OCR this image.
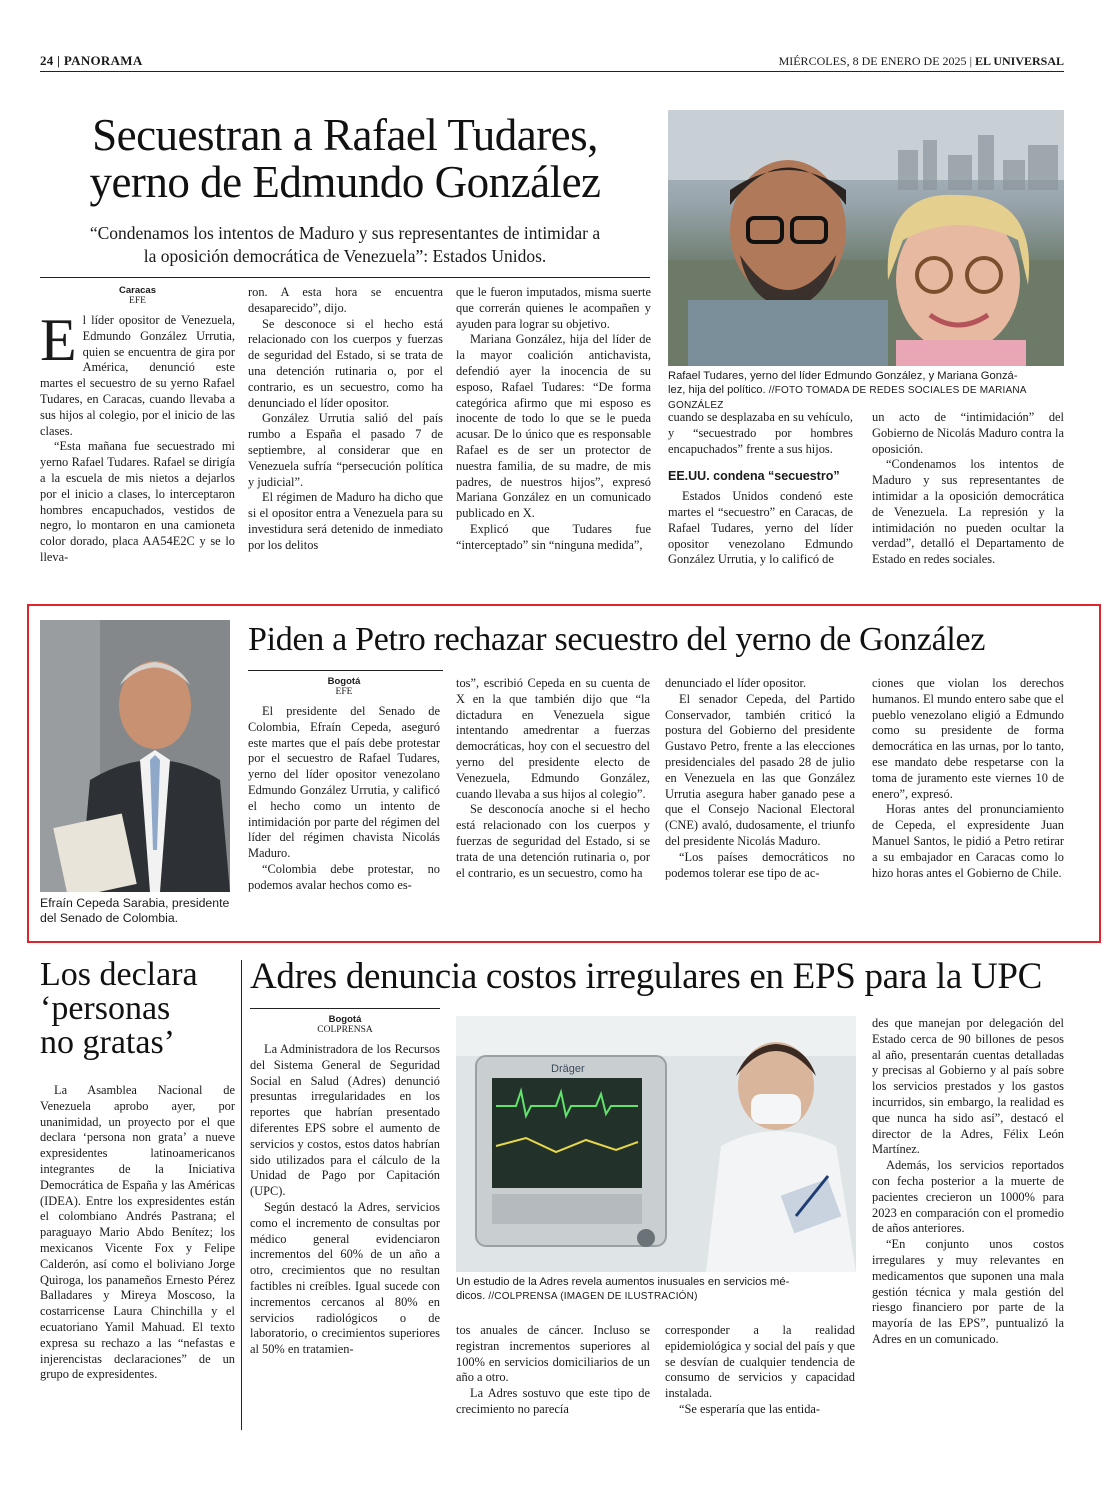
24 | PANORAMA	MIÉRCOLES, 8 DE ENERO DE 2025 | EL UNIVERSAL
Secuestran a Rafael Tudares,
yerno de Edmundo González
“Condenamos los intentos de Maduro y sus representantes de intimidar a
la oposición democrática de Venezuela”: Estados Unidos.
Caracas
EFE

El líder opositor de Venezuela, Edmundo González Urrutia, quien se encuentra de gira por América, denunció este martes el secuestro de su yerno Rafael Tudares, en Caracas, cuando llevaba a sus hijos al colegio, por el inicio de las clases.

“Esta mañana fue secuestrado mi yerno Rafael Tudares. Rafael se dirigía a la escuela de mis nietos a dejarlos por el inicio a clases, lo interceptaron hombres encapuchados, vestidos de negro, lo montaron en una camioneta color dorado, placa AA54E2C y se lo lleva-

ron. A esta hora se encuentra desaparecido”, dijo.

Se desconoce si el hecho está relacionado con los cuerpos y fuerzas de seguridad del Estado, si se trata de una detención rutinaria o, por el contrario, es un secuestro, como ha denunciado el líder opositor.

González Urrutia salió del país rumbo a España el pasado 7 de septiembre, al considerar que en Venezuela sufría “persecución política y judicial”.

El régimen de Maduro ha dicho que si el opositor entra a Venezuela para su investidura será detenido de inmediato por los delitos

que le fueron imputados, misma suerte que correrán quienes le acompañen y ayuden para lograr su objetivo.

Mariana González, hija del líder de la mayor coalición antichavista, defendió ayer la inocencia de su esposo, Rafael Tudares: “De forma categórica afirmo que mi esposo es inocente de todo lo que se le pueda acusar. De lo único que es responsable Rafael es de ser un protector de nuestra familia, de su madre, de mis padres, de nuestros hijos”, expresó Mariana González en un comunicado publicado en X.

Explicó que Tudares fue “interceptado” sin “ninguna medida”,

Rafael Tudares, yerno del líder Edmundo González, y Mariana Gonzá-
lez, hija del político. //FOTO TOMADA DE REDES SOCIALES DE MARIANA GONZÁLEZ

cuando se desplazaba en su vehículo, y “secuestrado por hombres encapuchados” frente a sus hijos.

EE.UU. condena “secuestro”

Estados Unidos condenó este martes el “secuestro” en Caracas, de Rafael Tudares, yerno del líder opositor venezolano Edmundo González Urrutia, y lo calificó de

un acto de “intimidación” del Gobierno de Nicolás Maduro contra la oposición.

“Condenamos los intentos de Maduro y sus representantes de intimidar a la oposición democrática de Venezuela. La represión y la intimidación no pueden ocultar la verdad”, detalló el Departamento de Estado en redes sociales.

Efraín Cepeda Sarabia, presidente del Senado de Colombia.
Piden a Petro rechazar secuestro del yerno de González
Bogotá
EFE

El presidente del Senado de Colombia, Efraín Cepeda, aseguró este martes que el país debe protestar por el secuestro de Rafael Tudares, yerno del líder opositor venezolano Edmundo González Urrutia, y calificó el hecho como un intento de intimidación por parte del régimen del líder del régimen chavista Nicolás Maduro.

“Colombia debe protestar, no podemos avalar hechos como es-

tos”, escribió Cepeda en su cuenta de X en la que también dijo que “la dictadura en Venezuela sigue intentando amedrentar a fuerzas democráticas, hoy con el secuestro del yerno del presidente electo de Venezuela, Edmundo González, cuando llevaba a sus hijos al colegio”.

Se desconocía anoche si el hecho está relacionado con los cuerpos y fuerzas de seguridad del Estado, si se trata de una detención rutinaria o, por el contrario, es un secuestro, como ha

denunciado el líder opositor.

El senador Cepeda, del Partido Conservador, también criticó la postura del Gobierno del presidente Gustavo Petro, frente a las elecciones presidenciales del pasado 28 de julio en Venezuela en las que González Urrutia asegura haber ganado pese a que el Consejo Nacional Electoral (CNE) avaló, dudosamente, el triunfo del presidente Nicolás Maduro.

“Los países democráticos no podemos tolerar ese tipo de ac-

ciones que violan los derechos humanos. El mundo entero sabe que el pueblo venezolano eligió a Edmundo como su presidente de forma democrática en las urnas, por lo tanto, ese mandato debe respetarse con la toma de juramento este viernes 10 de enero”, expresó.

Horas antes del pronunciamiento de Cepeda, el expresidente Juan Manuel Santos, le pidió a Petro retirar a su embajador en Caracas como lo hizo horas antes el Gobierno de Chile.

Los declara
‘personas
no gratas’

La Asamblea Nacional de Venezuela aprobo ayer, por unanimidad, un proyecto por el que declara ‘persona non grata’ a nueve expresidentes latinoamericanos integrantes de la Iniciativa Democrática de España y las Américas (IDEA). Entre los expresidentes están el colombiano Andrés Pastrana; el paraguayo Mario Abdo Benítez; los mexicanos Vicente Fox y Felipe Calderón, así como el boliviano Jorge Quiroga, los panameños Ernesto Pérez Balladares y Mireya Moscoso, la costarricense Laura Chinchilla y el ecuatoriano Yamil Mahuad. El texto expresa su rechazo a las “nefastas e injerencistas declaraciones” de un grupo de expresidentes.

Adres denuncia costos irregulares en EPS para la UPC
Bogotá
COLPRENSA

La Administradora de los Recursos del Sistema General de Seguridad Social en Salud (Adres) denunció presuntas irregularidades en los reportes que habrían presentado diferentes EPS sobre el aumento de servicios y costos, estos datos habrían sido utilizados para el cálculo de la Unidad de Pago por Capitación (UPC).

Según destacó la Adres, servicios como el incremento de consultas por médico general evidenciaron incrementos del 60% de un año a otro, crecimientos que no resultan factibles ni creíbles. Igual sucede con incrementos cercanos al 80% en servicios radiológicos o de laboratorio, o crecimientos superiores al 50% en tratamien-

Dräger
Un estudio de la Adres revela aumentos inusuales en servicios mé-
dicos. //COLPRENSA (IMAGEN DE ILUSTRACIÓN)

tos anuales de cáncer. Incluso se registran incrementos superiores al 100% en servicios domiciliarios de un año a otro.

La Adres sostuvo que este tipo de crecimiento no parecía

corresponder a la realidad epidemiológica y social del país y que se desvían de cualquier tendencia de consumo de servicios y capacidad instalada.

“Se esperaría que las entida-

des que manejan por delegación del Estado cerca de 90 billones de pesos al año, presentarán cuentas detalladas y precisas al Gobierno y al país sobre los servicios prestados y los gastos incurridos, sin embargo, la realidad es que nunca ha sido así”, destacó el director de la Adres, Félix León Martínez.

Además, los servicios reportados con fecha posterior a la muerte de pacientes crecieron un 1000% para 2023 en comparación con el promedio de años anteriores.

“En conjunto unos costos irregulares y muy relevantes en medicamentos que suponen una mala gestión técnica y mala gestión del riesgo financiero por parte de la mayoría de las EPS”, puntualizó la Adres en un comunicado.
